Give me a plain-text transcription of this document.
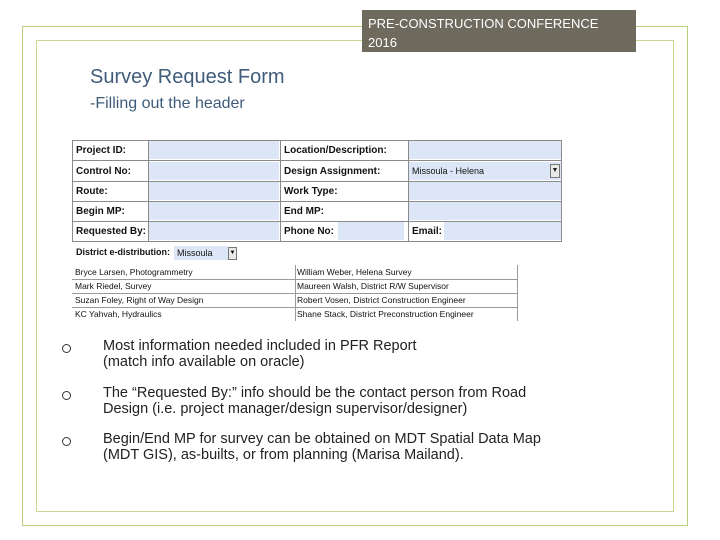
PRE-CONSTRUCTION CONFERENCE
2016
Survey Request Form
-Filling out the header
Project ID:	Location/Description:
Control No:	Design Assignment:	Missoula - Helena	▼
Route:	Work Type:
Begin MP:	End MP:
Requested By:	Phone No:	Email:
District e-distribution: Missoula	▼
Bryce Larsen, Photogrammetry	William Weber, Helena Survey
Mark Riedel, Survey	Maureen Walsh, District R/W Supervisor
Suzan Foley, Right of Way Design	Robert Vosen, District Construction Engineer
KC Yahvah, Hydraulics	Shane Stack, District Preconstruction Engineer
Most information needed included in PFR Report
(match info available on oracle)
The “Requested By:” info should be the contact person from Road
Design (i.e. project manager/design supervisor/designer)
Begin/End MP for survey can be obtained on MDT Spatial Data Map
(MDT GIS), as-builts, or from planning (Marisa Mailand).
